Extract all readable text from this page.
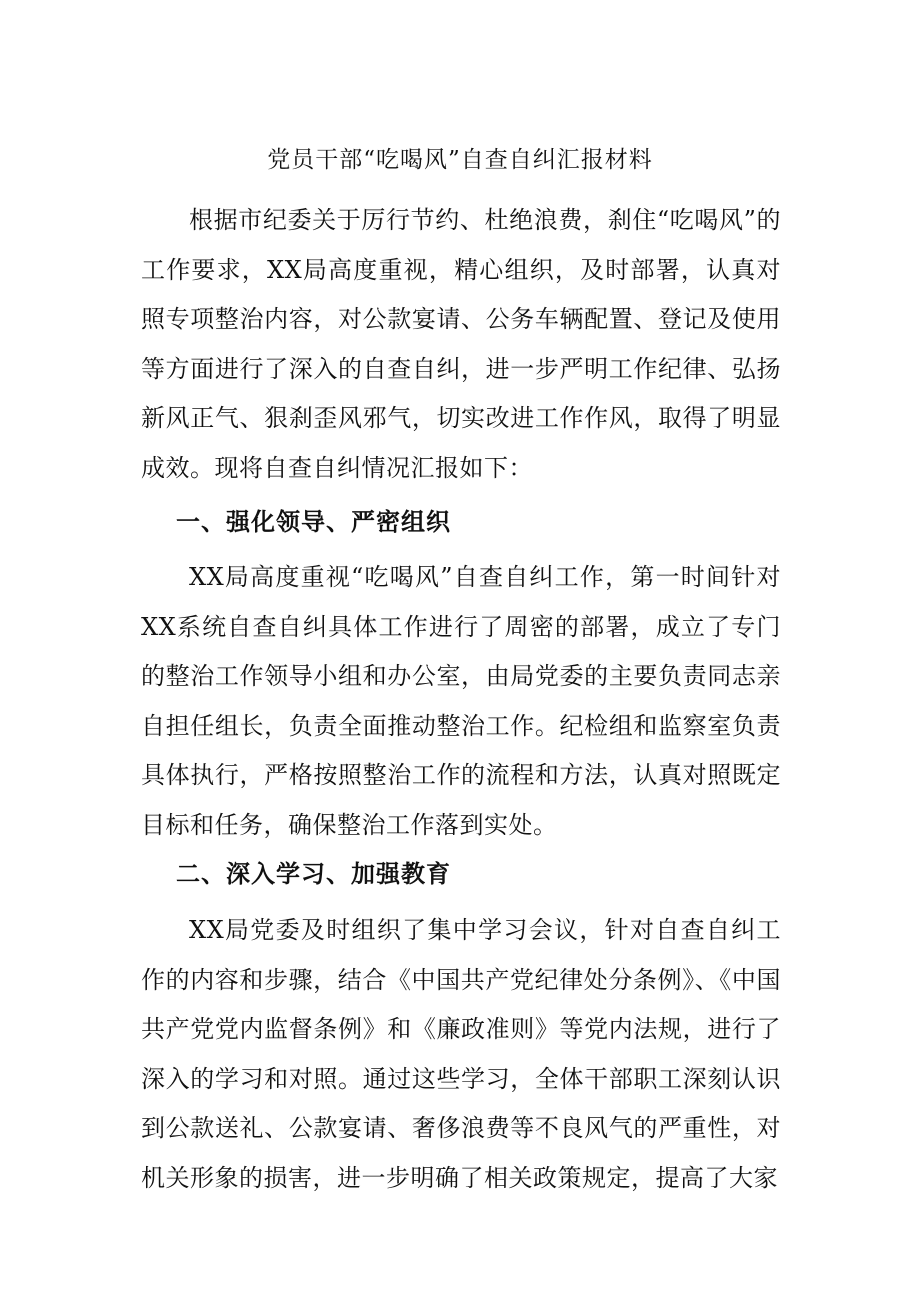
党员干部“吃喝风”自查自纠汇报材料

根据市纪委关于厉行节约、杜绝浪费，刹住“吃喝风”的工作要求，XX局高度重视，精心组织，及时部署，认真对照专项整治内容，对公款宴请、公务车辆配置、登记及使用等方面进行了深入的自查自纠，进一步严明工作纪律、弘扬新风正气、狠刹歪风邪气，切实改进工作作风，取得了明显成效。现将自查自纠情况汇报如下：

一、强化领导、严密组织

XX局高度重视“吃喝风”自查自纠工作，第一时间针对XX系统自查自纠具体工作进行了周密的部署，成立了专门的整治工作领导小组和办公室，由局党委的主要负责同志亲自担任组长，负责全面推动整治工作。纪检组和监察室负责具体执行，严格按照整治工作的流程和方法，认真对照既定目标和任务，确保整治工作落到实处。

二、深入学习、加强教育

XX局党委及时组织了集中学习会议，针对自查自纠工作的内容和步骤，结合《中国共产党纪律处分条例》、《中国共产党党内监督条例》和《廉政准则》等党内法规，进行了深入的学习和对照。通过这些学习，全体干部职工深刻认识到公款送礼、公款宴请、奢侈浪费等不良风气的严重性，对机关形象的损害，进一步明确了相关政策规定，提高了大家
